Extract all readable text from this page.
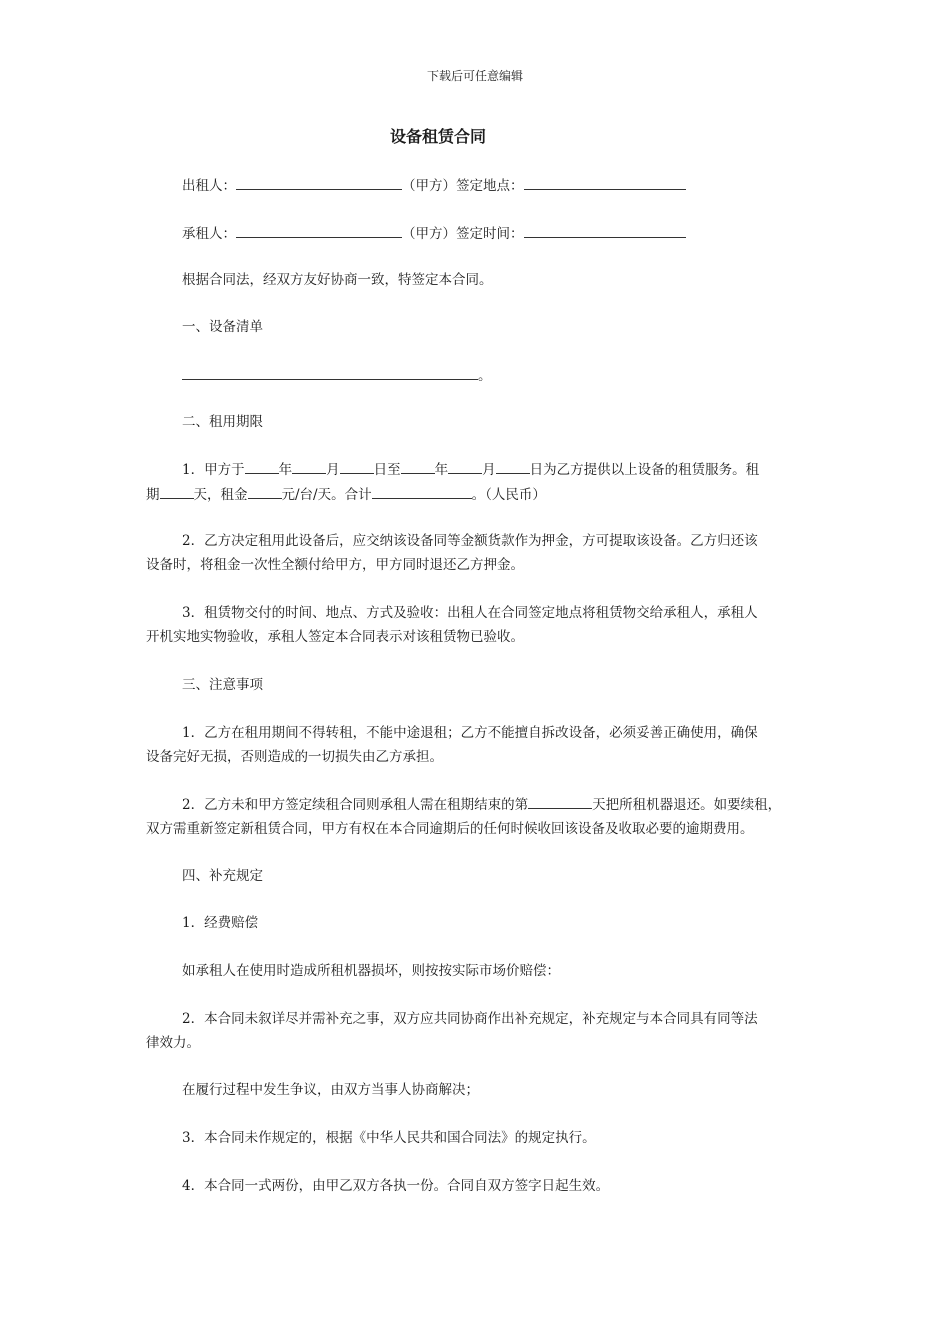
下载后可任意编辑
设备租赁合同
出租人：	（甲方）签定地点：
承租人：	（甲方）签定时间：
根据合同法，经双方友好协商一致，特签定本合同。
一、设备清单
。
二、租用期限
1．甲方于	年	月	日至	年	月	日为乙方提供以上设备的租赁服务。租
期	天，租金	元/台/天。合计	。（人民币）
2．乙方决定租用此设备后，应交纳该设备同等金额货款作为押金，方可提取该设备。乙方归还该
设备时，将租金一次性全额付给甲方，甲方同时退还乙方押金。
3．租赁物交付的时间、地点、方式及验收：出租人在合同签定地点将租赁物交给承租人，承租人
开机实地实物验收，承租人签定本合同表示对该租赁物已验收。
三、注意事项
1．乙方在租用期间不得转租，不能中途退租；乙方不能擅自拆改设备，必须妥善正确使用，确保
设备完好无损，否则造成的一切损失由乙方承担。
2．乙方未和甲方签定续租合同则承租人需在租期结束的第	天把所租机器退还。如要续租，
双方需重新签定新租赁合同，甲方有权在本合同逾期后的任何时候收回该设备及收取必要的逾期费用。
四、补充规定
1．经费赔偿
如承租人在使用时造成所租机器损坏，则按按实际市场价赔偿：
2．本合同未叙详尽并需补充之事，双方应共同协商作出补充规定，补充规定与本合同具有同等法
律效力。
在履行过程中发生争议，由双方当事人协商解决；
3．本合同未作规定的，根据《中华人民共和国合同法》的规定执行。
4．本合同一式两份，由甲乙双方各执一份。合同自双方签字日起生效。
